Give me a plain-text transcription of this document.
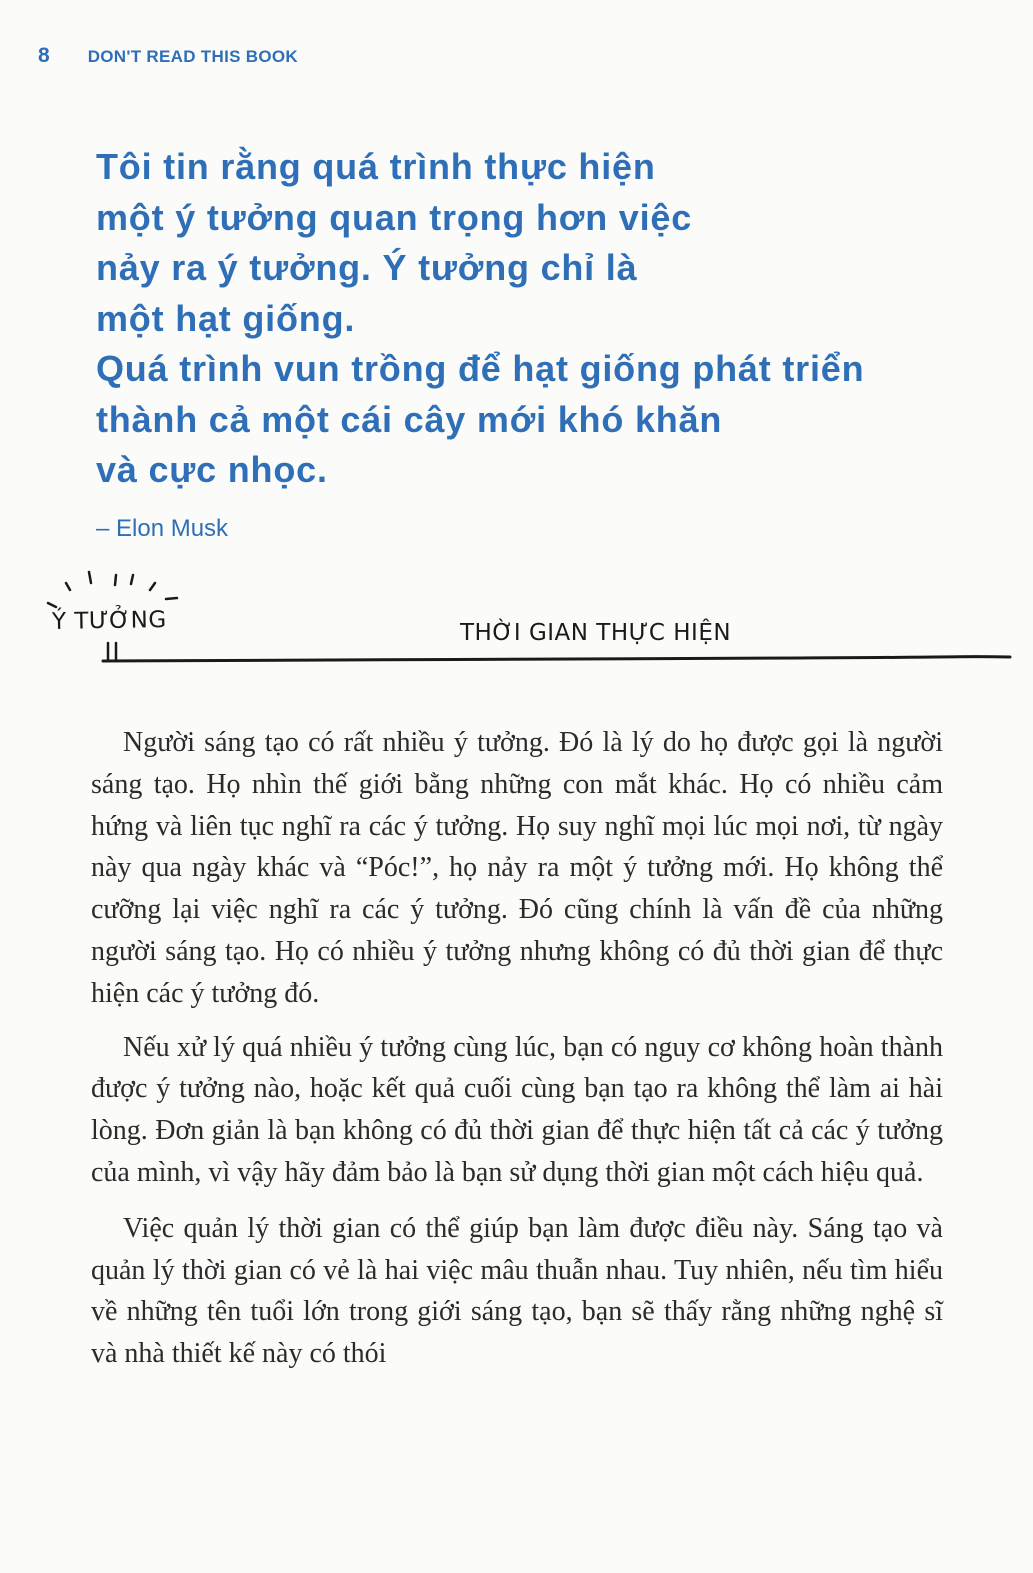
8 DON'T READ THIS BOOK
Tôi tin rằng quá trình thực hiện
một ý tưởng quan trọng hơn việc
nảy ra ý tưởng. Ý tưởng chỉ là
một hạt giống.
Quá trình vun trồng để hạt giống phát triển
thành cả một cái cây mới khó khăn
và cực nhọc.
– Elon Musk
Ý TƯỞNG	THỜI GIAN THỰC HIỆN

Người sáng tạo có rất nhiều ý tưởng. Đó là lý do họ được gọi là người sáng tạo. Họ nhìn thế giới bằng những con mắt khác. Họ có nhiều cảm hứng và liên tục nghĩ ra các ý tưởng. Họ suy nghĩ mọi lúc mọi nơi, từ ngày này qua ngày khác và “Póc!”, họ nảy ra một ý tưởng mới. Họ không thể cưỡng lại việc nghĩ ra các ý tưởng. Đó cũng chính là vấn đề của những người sáng tạo. Họ có nhiều ý tưởng nhưng không có đủ thời gian để thực hiện các ý tưởng đó.

Nếu xử lý quá nhiều ý tưởng cùng lúc, bạn có nguy cơ không hoàn thành được ý tưởng nào, hoặc kết quả cuối cùng bạn tạo ra không thể làm ai hài lòng. Đơn giản là bạn không có đủ thời gian để thực hiện tất cả các ý tưởng của mình, vì vậy hãy đảm bảo là bạn sử dụng thời gian một cách hiệu quả.

Việc quản lý thời gian có thể giúp bạn làm được điều này. Sáng tạo và quản lý thời gian có vẻ là hai việc mâu thuẫn nhau. Tuy nhiên, nếu tìm hiểu về những tên tuổi lớn trong giới sáng tạo, bạn sẽ thấy rằng những nghệ sĩ và nhà thiết kế này có thói
